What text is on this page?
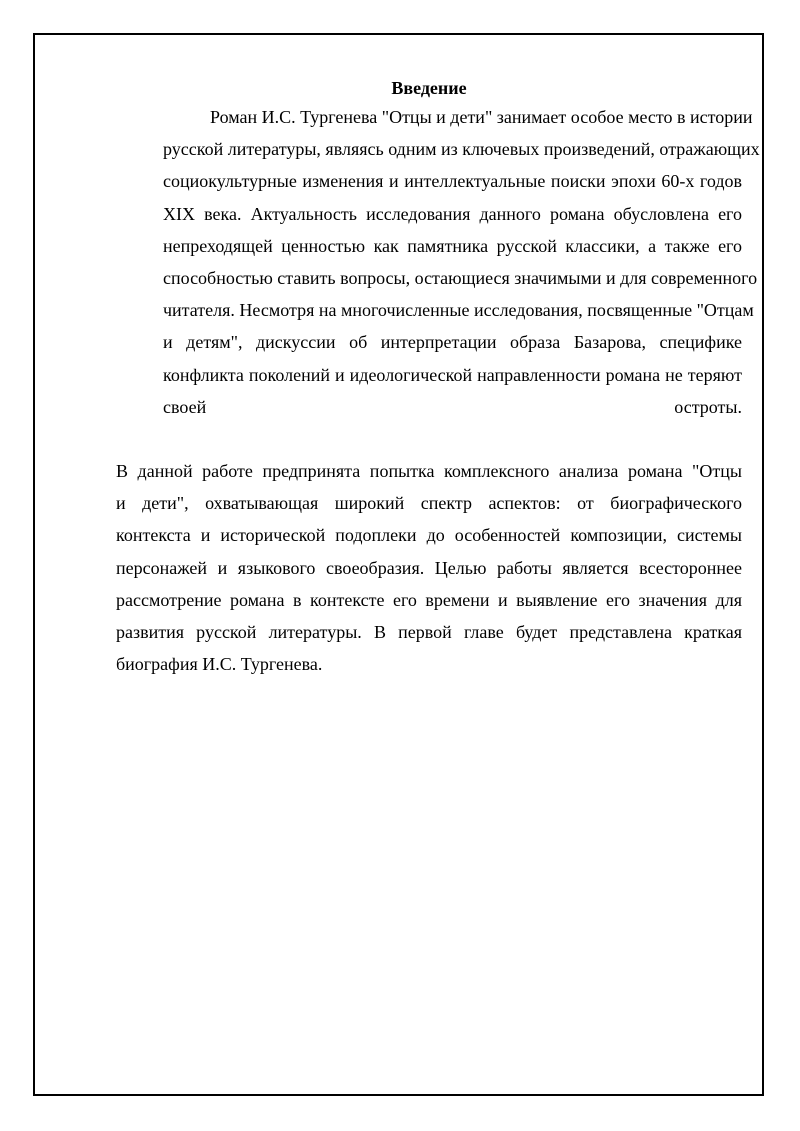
Введение
Роман И.С. Тургенева "Отцы и дети" занимает особое место в истории
русской литературы, являясь одним из ключевых произведений, отражающих
социокультурные изменения и интеллектуальные поиски эпохи 60-х годов
XIX века. Актуальность исследования данного романа обусловлена его
непреходящей ценностью как памятника русской классики, а также его
способностью ставить вопросы, остающиеся значимыми и для современного
читателя. Несмотря на многочисленные исследования, посвященные "Отцам
и детям", дискуссии об интерпретации образа Базарова, специфике
конфликта поколений и идеологической направленности романа не теряют
своей	остроты.
В данной работе предпринята попытка комплексного анализа романа "Отцы
и дети", охватывающая широкий спектр аспектов: от биографического
контекста и исторической подоплеки до особенностей композиции, системы
персонажей и языкового своеобразия. Целью работы является всестороннее
рассмотрение романа в контексте его времени и выявление его значения для
развития русской литературы. В первой главе будет представлена краткая
биография И.С. Тургенева.
